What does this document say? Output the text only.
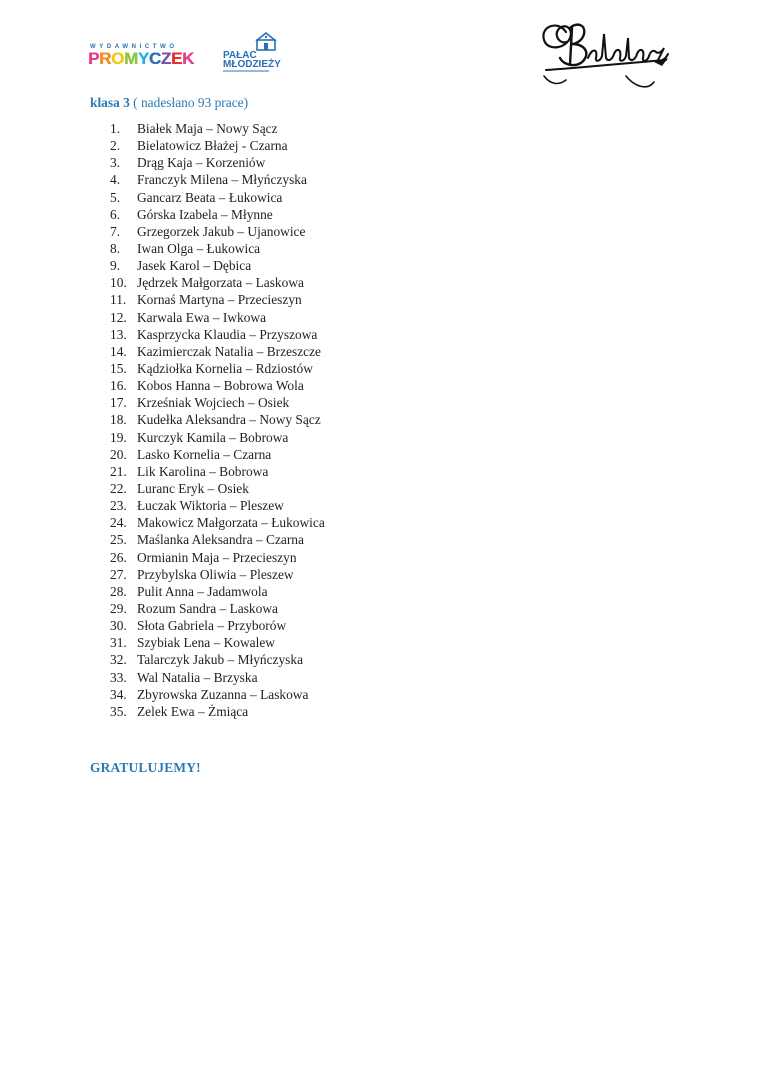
WYDAWNICTWO
PROMYCZEK	PAŁAC
MŁODZIEŻY
klasa 3 ( nadesłano 93 prace)
1. Białek Maja – Nowy Sącz
2. Bielatowicz Błażej - Czarna
3. Drąg Kaja – Korzeniów
4. Franczyk Milena – Młyńczyska
5. Gancarz Beata – Łukowica
6. Górska Izabela – Młynne
7. Grzegorzek Jakub – Ujanowice
8. Iwan Olga – Łukowica
9. Jasek Karol – Dębica
10. Jędrzek Małgorzata – Laskowa
11. Kornaś Martyna – Przecieszyn
12. Karwala Ewa – Iwkowa
13. Kasprzycka Klaudia – Przyszowa
14. Kazimierczak Natalia – Brzeszcze
15. Kądziołka Kornelia – Rdziostów
16. Kobos Hanna – Bobrowa Wola
17. Krześniak Wojciech – Osiek
18. Kudełka Aleksandra – Nowy Sącz
19. Kurczyk Kamila – Bobrowa
20. Lasko Kornelia – Czarna
21. Lik Karolina – Bobrowa
22. Luranc Eryk – Osiek
23. Łuczak Wiktoria – Pleszew
24. Makowicz Małgorzata – Łukowica
25. Maślanka Aleksandra – Czarna
26. Ormianin Maja – Przecieszyn
27. Przybylska Oliwia – Pleszew
28. Pulit Anna – Jadamwola
29. Rozum Sandra – Laskowa
30. Słota Gabriela – Przyborów
31. Szybiak Lena – Kowalew
32. Talarczyk Jakub – Młyńczyska
33. Wal Natalia – Brzyska
34. Zbyrowska Zuzanna – Laskowa
35. Zelek Ewa – Żmiąca
GRATULUJEMY!
